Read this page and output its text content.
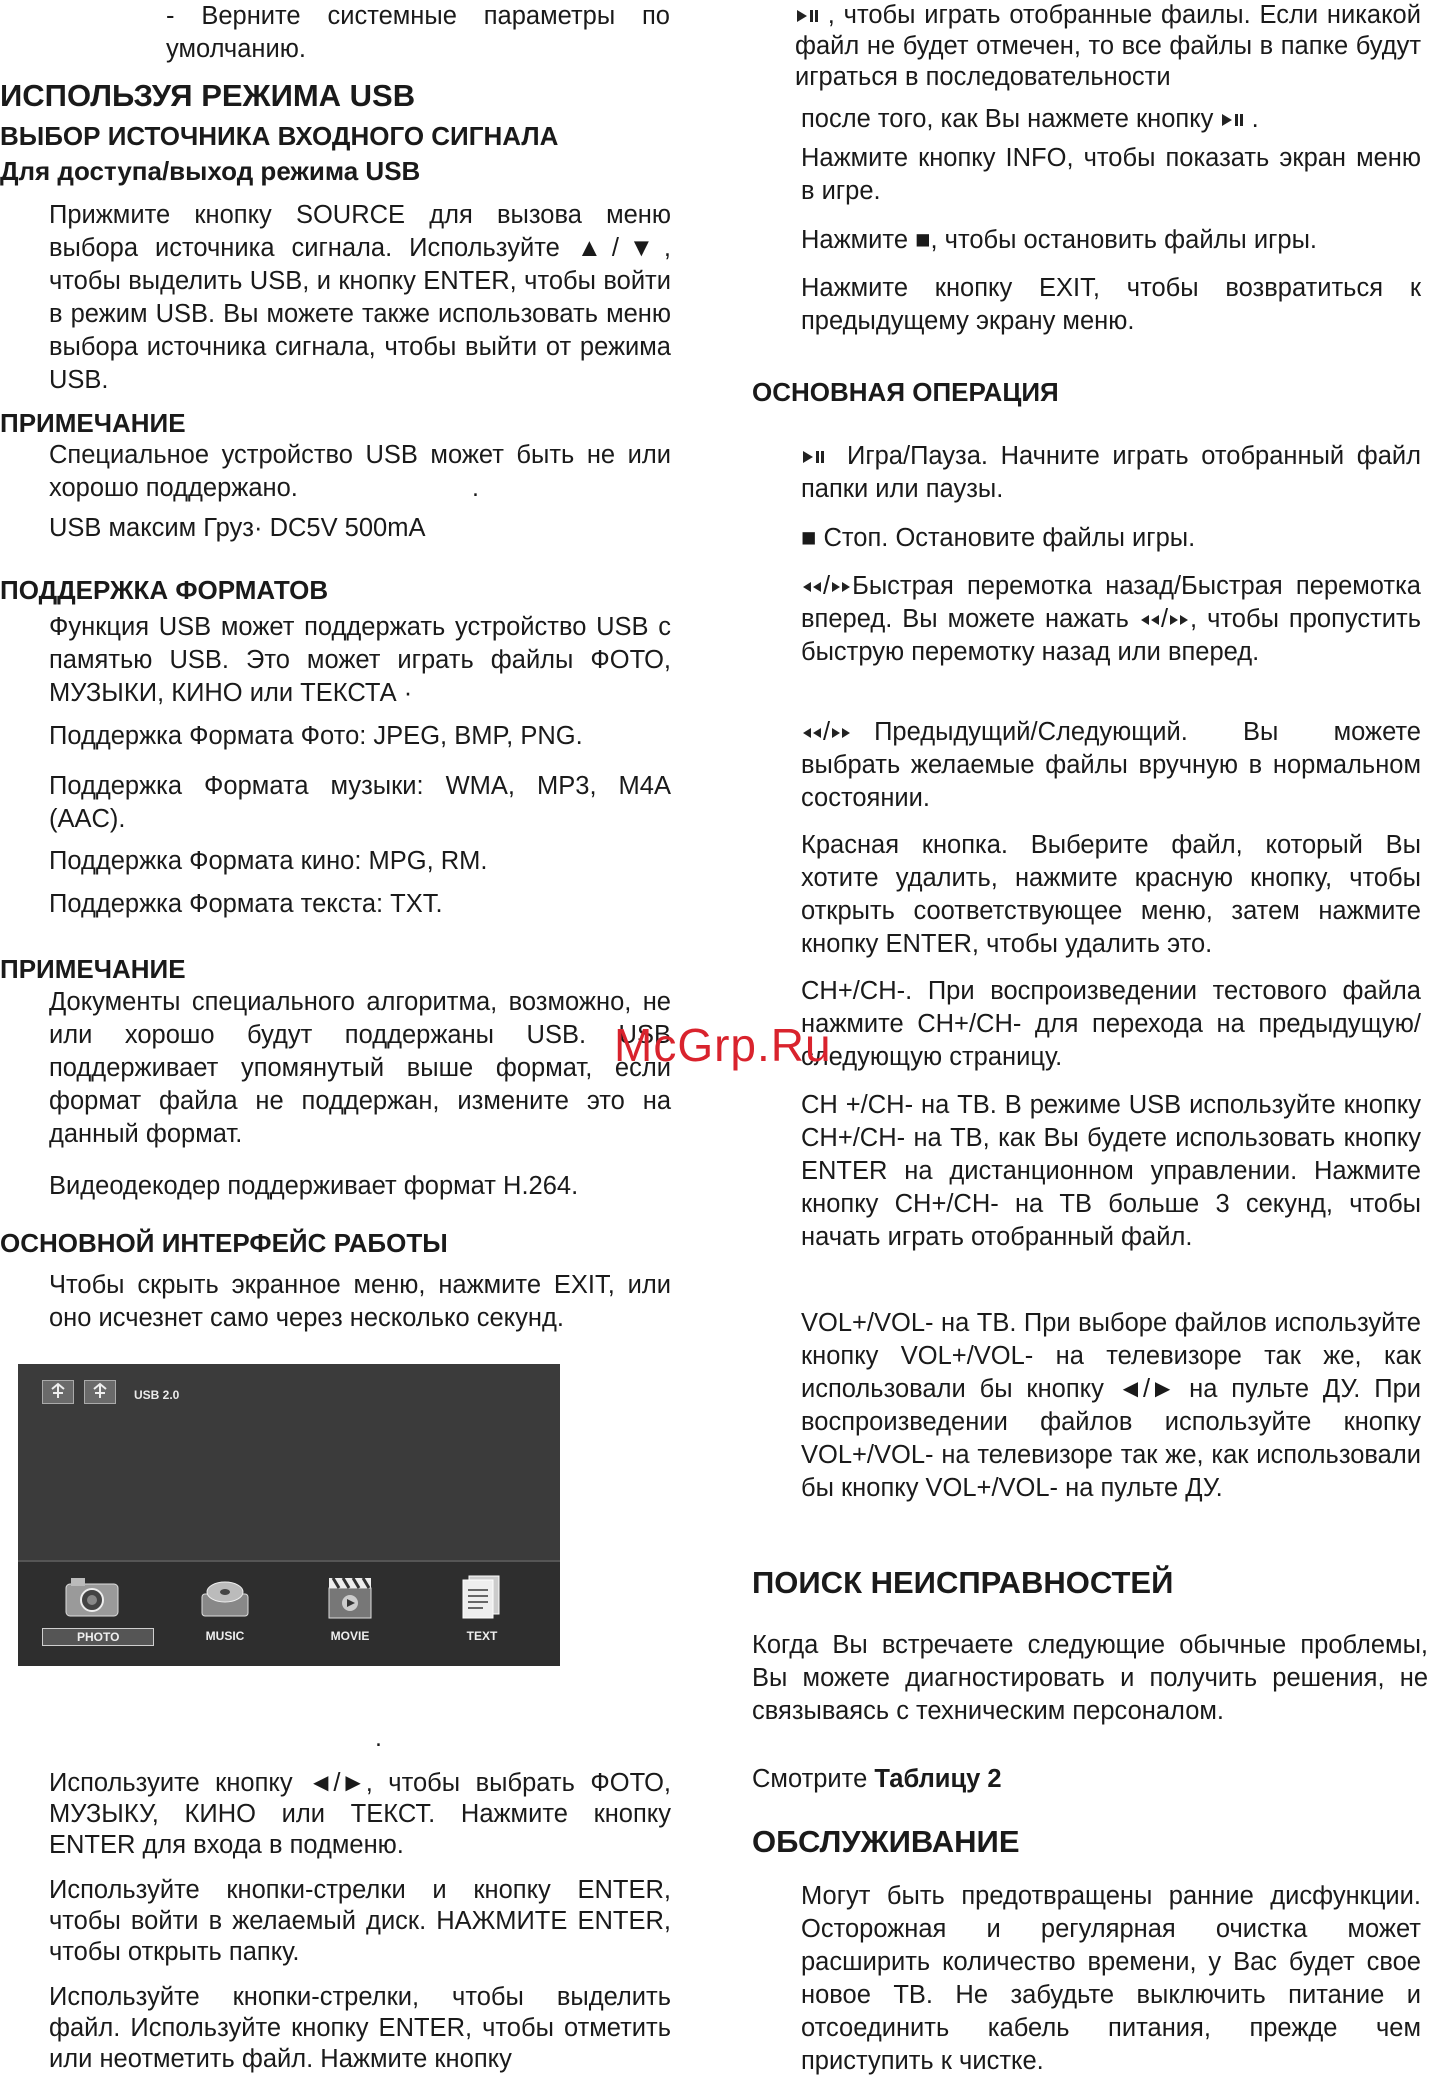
- Верните системные параметры по умолчанию.

ИСПОЛЬЗУЯ РЕЖИМА USB
ВЫБОР ИСТОЧНИКА ВХОДНОГО СИГНАЛА
Для доступа/выход режима USB

Прижмите кнопку SOURCE для вызова меню выбора источника сигнала. Используйте ▲/▼, чтобы выделить USB, и кнопку ENTER, чтобы войти в режим USB. Вы можете также использовать меню выбора источника сигнала, чтобы выйти от режима USB.

ПРИМЕЧАНИЕ

Специальное устройство USB может быть не или хорошо поддержано.	.

USB максим Груз· DC5V 500mA

ПОДДЕРЖКА ФОРМАТОВ

Функция USB может поддержать устройство USB с памятью USB. Это может играть файлы ФОТО, МУЗЫКИ, КИНО или ТЕКСТА ·

Поддержка Формата Фото: JPEG, BMP, PNG.

Поддержка Формата музыки: WMA, MP3, M4A (AAC).

Поддержка Формата кино: MPG, RM.

Поддержка Формата текста: TXT.

ПРИМЕЧАНИЕ

Документы специального алгоритма, возможно, не или хорошо будут поддержаны USB. USB поддерживает упомянутый выше формат, если формат файла не поддержан, измените это на данный формат.

Видеодекодер поддерживает формат H.264.

ОСНОВНОЙ ИНТЕРФЕЙС РАБОТЫ

Чтобы скрыть экранное меню, нажмите EXIT, или оно исчезнет само через несколько секунд.

USB 2.0
PHOTO	MUSIC	MOVIE	TEXT
.

Используите кнопку ◄/►, чтобы выбрать ФОТО, МУЗЫКУ, КИНО или ТЕКСТ. Нажмите кнопку ENTER для входа в подменю.

Используйте кнопки-стрелки и кнопку ENTER, чтобы войти в желаемый диск. НАЖМИТЕ ENTER, чтобы открыть папку.

Используйте кнопки-стрелки, чтобы выделить файл. Используйте кнопку ENTER, чтобы отметить или неотметить файл. Нажмите кнопку

, чтобы играть отобранные фаилы. Если никакой файл не будет отмечен, то все файлы в папке будут играться в последовательности

после того, как Вы нажмете кнопку .

Нажмите кнопку INFO, чтобы показать экран меню в игре.

Нажмите ■, чтобы остановить файлы игры.

Нажмите кнопку EXIT, чтобы возвратиться к предыдущему экрану меню.

ОСНОВНАЯ ОПЕРАЦИЯ

Игра/Пауза. Начните играть отобранный файл папки или паузы.

■ Стоп. Остановите файлы игры.

/ Быстрая перемотка назад/Быстрая перемотка вперед. Вы можете нажать / , чтобы пропустить быструю перемотку назад или вперед.

/ Предыдущий/Следующий. Вы можете выбрать желаемые файлы вручную в нормальном состоянии.

Красная кнопка. Выберите файл, который Вы хотите удалить, нажмите красную кнопку, чтобы открыть соответствующее меню, затем нажмите кнопку ENTER, чтобы удалить это.

CH+/CH-. При воспроизведении тестового файла нажмите CH+/CH- для перехода на предыдущую/следующую страницу.

CH +/CH- на ТВ. В режиме USB используйте кнопку CH+/CH- на ТВ, как Вы будете использовать кнопку ENTER на дистанционном управлении. Нажмите кнопку CH+/CH- на ТВ больше 3 секунд, чтобы начать играть отобранный файл.

VOL+/VOL- на ТВ. При выборе файлов используйте кнопку VOL+/VOL- на телевизоре так же, как использовали бы кнопку ◄/► на пульте ДУ. При воспроизведении файлов используйте кнопку VOL+/VOL- на телевизоре так же, как использовали бы кнопку VOL+/VOL- на пульте ДУ.

ПОИСК НЕИСПРАВНОСТЕЙ

Когда Вы встречаете следующие обычные проблемы, Вы можете диагностировать и получить решения, не связываясь с техническим персоналом.

Смотрите Таблицу 2

ОБСЛУЖИВАНИЕ

Могут быть предотвращены ранние дисфункции. Осторожная и регулярная очистка может расширить количество времени, у Вас будет свое новое ТВ. Не забудьте выключить питание и отсоединить кабель питания, прежде чем приступить к чистке.

McGrp.Ru
